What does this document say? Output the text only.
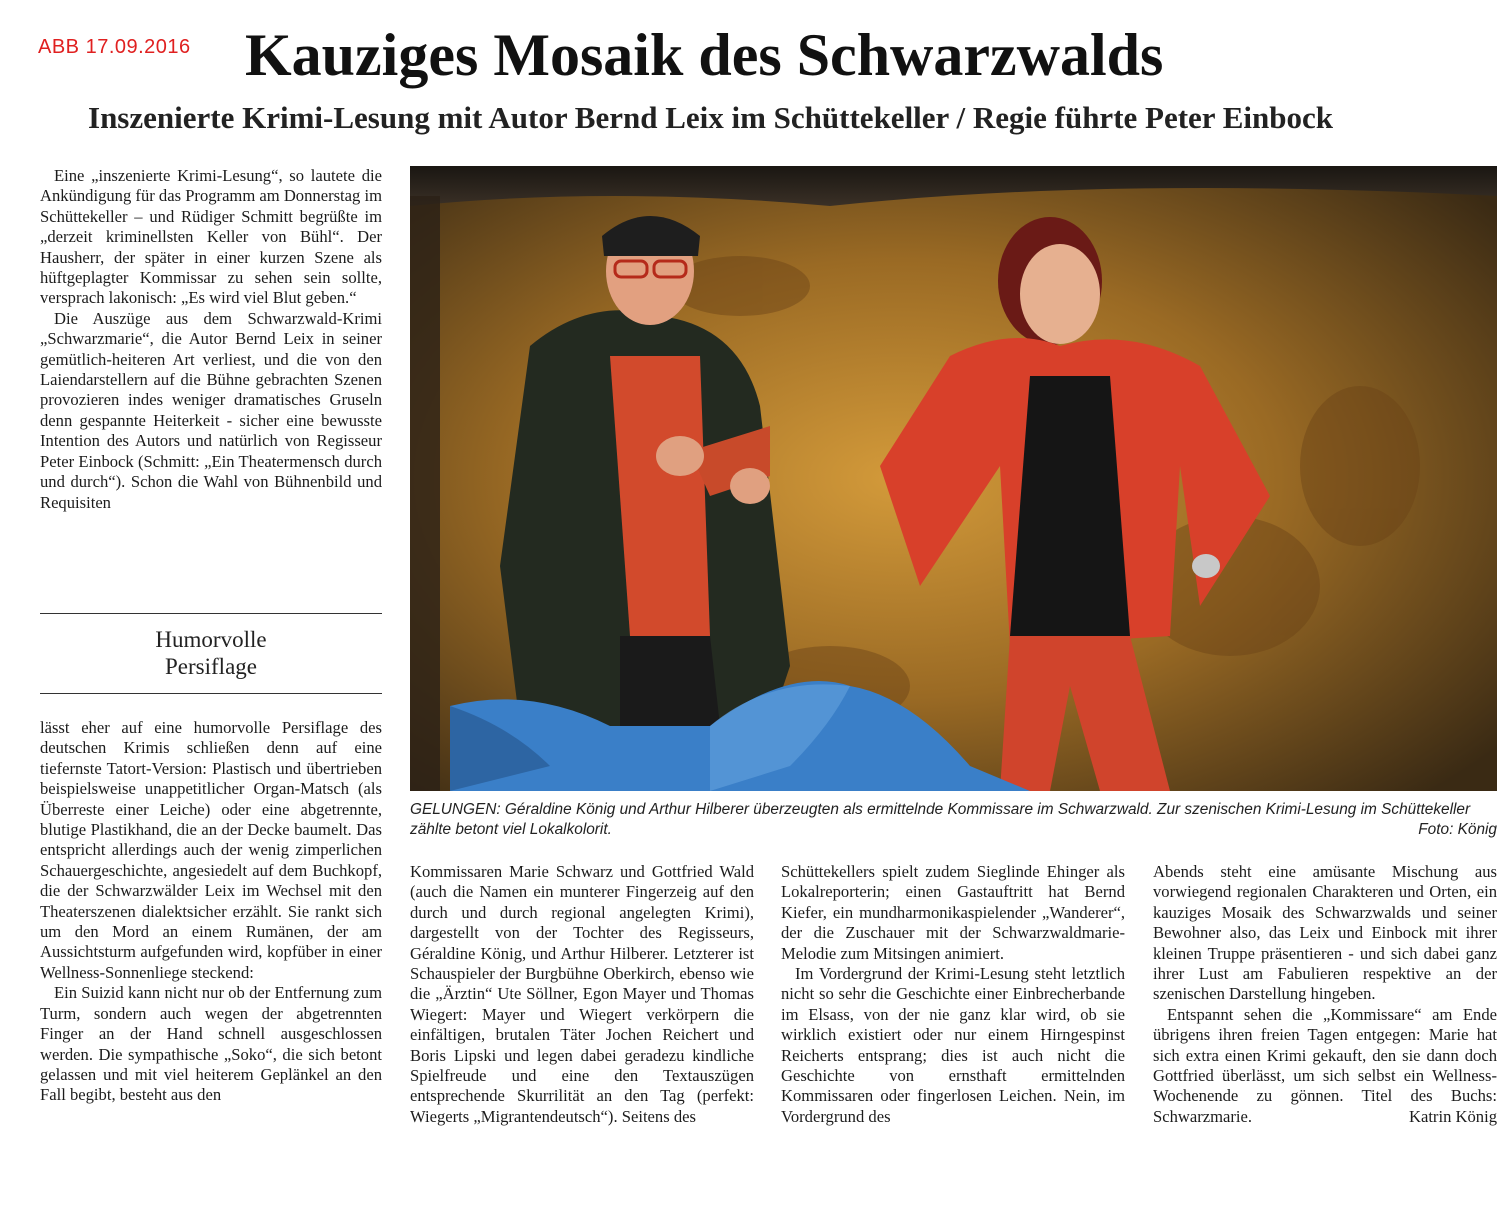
ABB 17.09.2016 Kauziges Mosaik des Schwarzwalds
Inszenierte Krimi-Lesung mit Autor Bernd Leix im Schüttekeller / Regie führte Peter Einbock

Eine „inszenierte Krimi-Lesung“, so lautete die Ankündigung für das Programm am Donnerstag im Schüttekeller – und Rüdiger Schmitt begrüßte im „derzeit kriminellsten Keller von Bühl“. Der Hausherr, der später in einer kurzen Szene als hüftgeplagter Kommissar zu sehen sein sollte, versprach lakonisch: „Es wird viel Blut geben.“

Die Auszüge aus dem Schwarzwald-Krimi „Schwarzmarie“, die Autor Bernd Leix in seiner gemütlich-heiteren Art verliest, und die von den Laiendarstellern auf die Bühne gebrachten Szenen provozieren indes weniger dramatisches Gruseln denn gespannte Heiterkeit - sicher eine bewusste Intention des Autors und natürlich von Regisseur Peter Einbock (Schmitt: „Ein Theatermensch durch und durch“). Schon die Wahl von Bühnenbild und Requisiten

Humorvolle
Persiflage

lässt eher auf eine humorvolle Persiflage des deutschen Krimis schließen denn auf eine tiefernste Tatort-Version: Plastisch und übertrieben beispielsweise unappetitlicher Organ-Matsch (als Überreste einer Leiche) oder eine abgetrennte, blutige Plastikhand, die an der Decke baumelt. Das entspricht allerdings auch der wenig zimperlichen Schauergeschichte, angesiedelt auf dem Buchkopf, die der Schwarzwälder Leix im Wechsel mit den Theaterszenen dialektsicher erzählt. Sie rankt sich um den Mord an einem Rumänen, der am Aussichtsturm aufgefunden wird, kopfüber in einer Wellness-Sonnenliege steckend:

Ein Suizid kann nicht nur ob der Entfernung zum Turm, sondern auch wegen der abgetrennten Finger an der Hand schnell ausgeschlossen werden. Die sympathische „Soko“, die sich betont gelassen und mit viel heiterem Geplänkel an den Fall begibt, besteht aus den

GELUNGEN: Géraldine König und Arthur Hilberer überzeugten als ermittelnde Kommissare im Schwarzwald. Zur szenischen Krimi-Lesung im Schüttekeller zählte betont viel Lokalkolorit.	Foto: König

Kommissaren Marie Schwarz und Gottfried Wald (auch die Namen ein munterer Fingerzeig auf den durch und durch regional angelegten Krimi), dargestellt von der Tochter des Regisseurs, Géraldine König, und Arthur Hilberer. Letzterer ist Schauspieler der Burgbühne Oberkirch, ebenso wie die „Ärztin“ Ute Söllner, Egon Mayer und Thomas Wiegert: Mayer und Wiegert verkörpern die einfältigen, brutalen Täter Jochen Reichert und Boris Lipski und legen dabei geradezu kindliche Spielfreude und eine den Textauszügen entsprechende Skurrilität an den Tag (perfekt: Wiegerts „Migrantendeutsch“). Seitens des

Schüttekellers spielt zudem Sieglinde Ehinger als Lokalreporterin; einen Gastauftritt hat Bernd Kiefer, ein mundharmonikaspielender „Wanderer“, der die Zuschauer mit der Schwarzwaldmarie-Melodie zum Mitsingen animiert.

Im Vordergrund der Krimi-Lesung steht letztlich nicht so sehr die Geschichte einer Einbrecherbande im Elsass, von der nie ganz klar wird, ob sie wirklich existiert oder nur einem Hirngespinst Reicherts entsprang; dies ist auch nicht die Geschichte von ernsthaft ermittelnden Kommissaren oder fingerlosen Leichen. Nein, im Vordergrund des

Abends steht eine amüsante Mischung aus vorwiegend regionalen Charakteren und Orten, ein kauziges Mosaik des Schwarzwalds und seiner Bewohner also, das Leix und Einbock mit ihrer kleinen Truppe präsentieren - und sich dabei ganz ihrer Lust am Fabulieren respektive an der szenischen Darstellung hingeben.

Entspannt sehen die „Kommissare“ am Ende übrigens ihren freien Tagen entgegen: Marie hat sich extra einen Krimi gekauft, den sie dann doch Gottfried überlässt, um sich selbst ein Wellness-Wochenende zu gönnen. Titel des Buchs: Schwarzmarie.	Katrin König
